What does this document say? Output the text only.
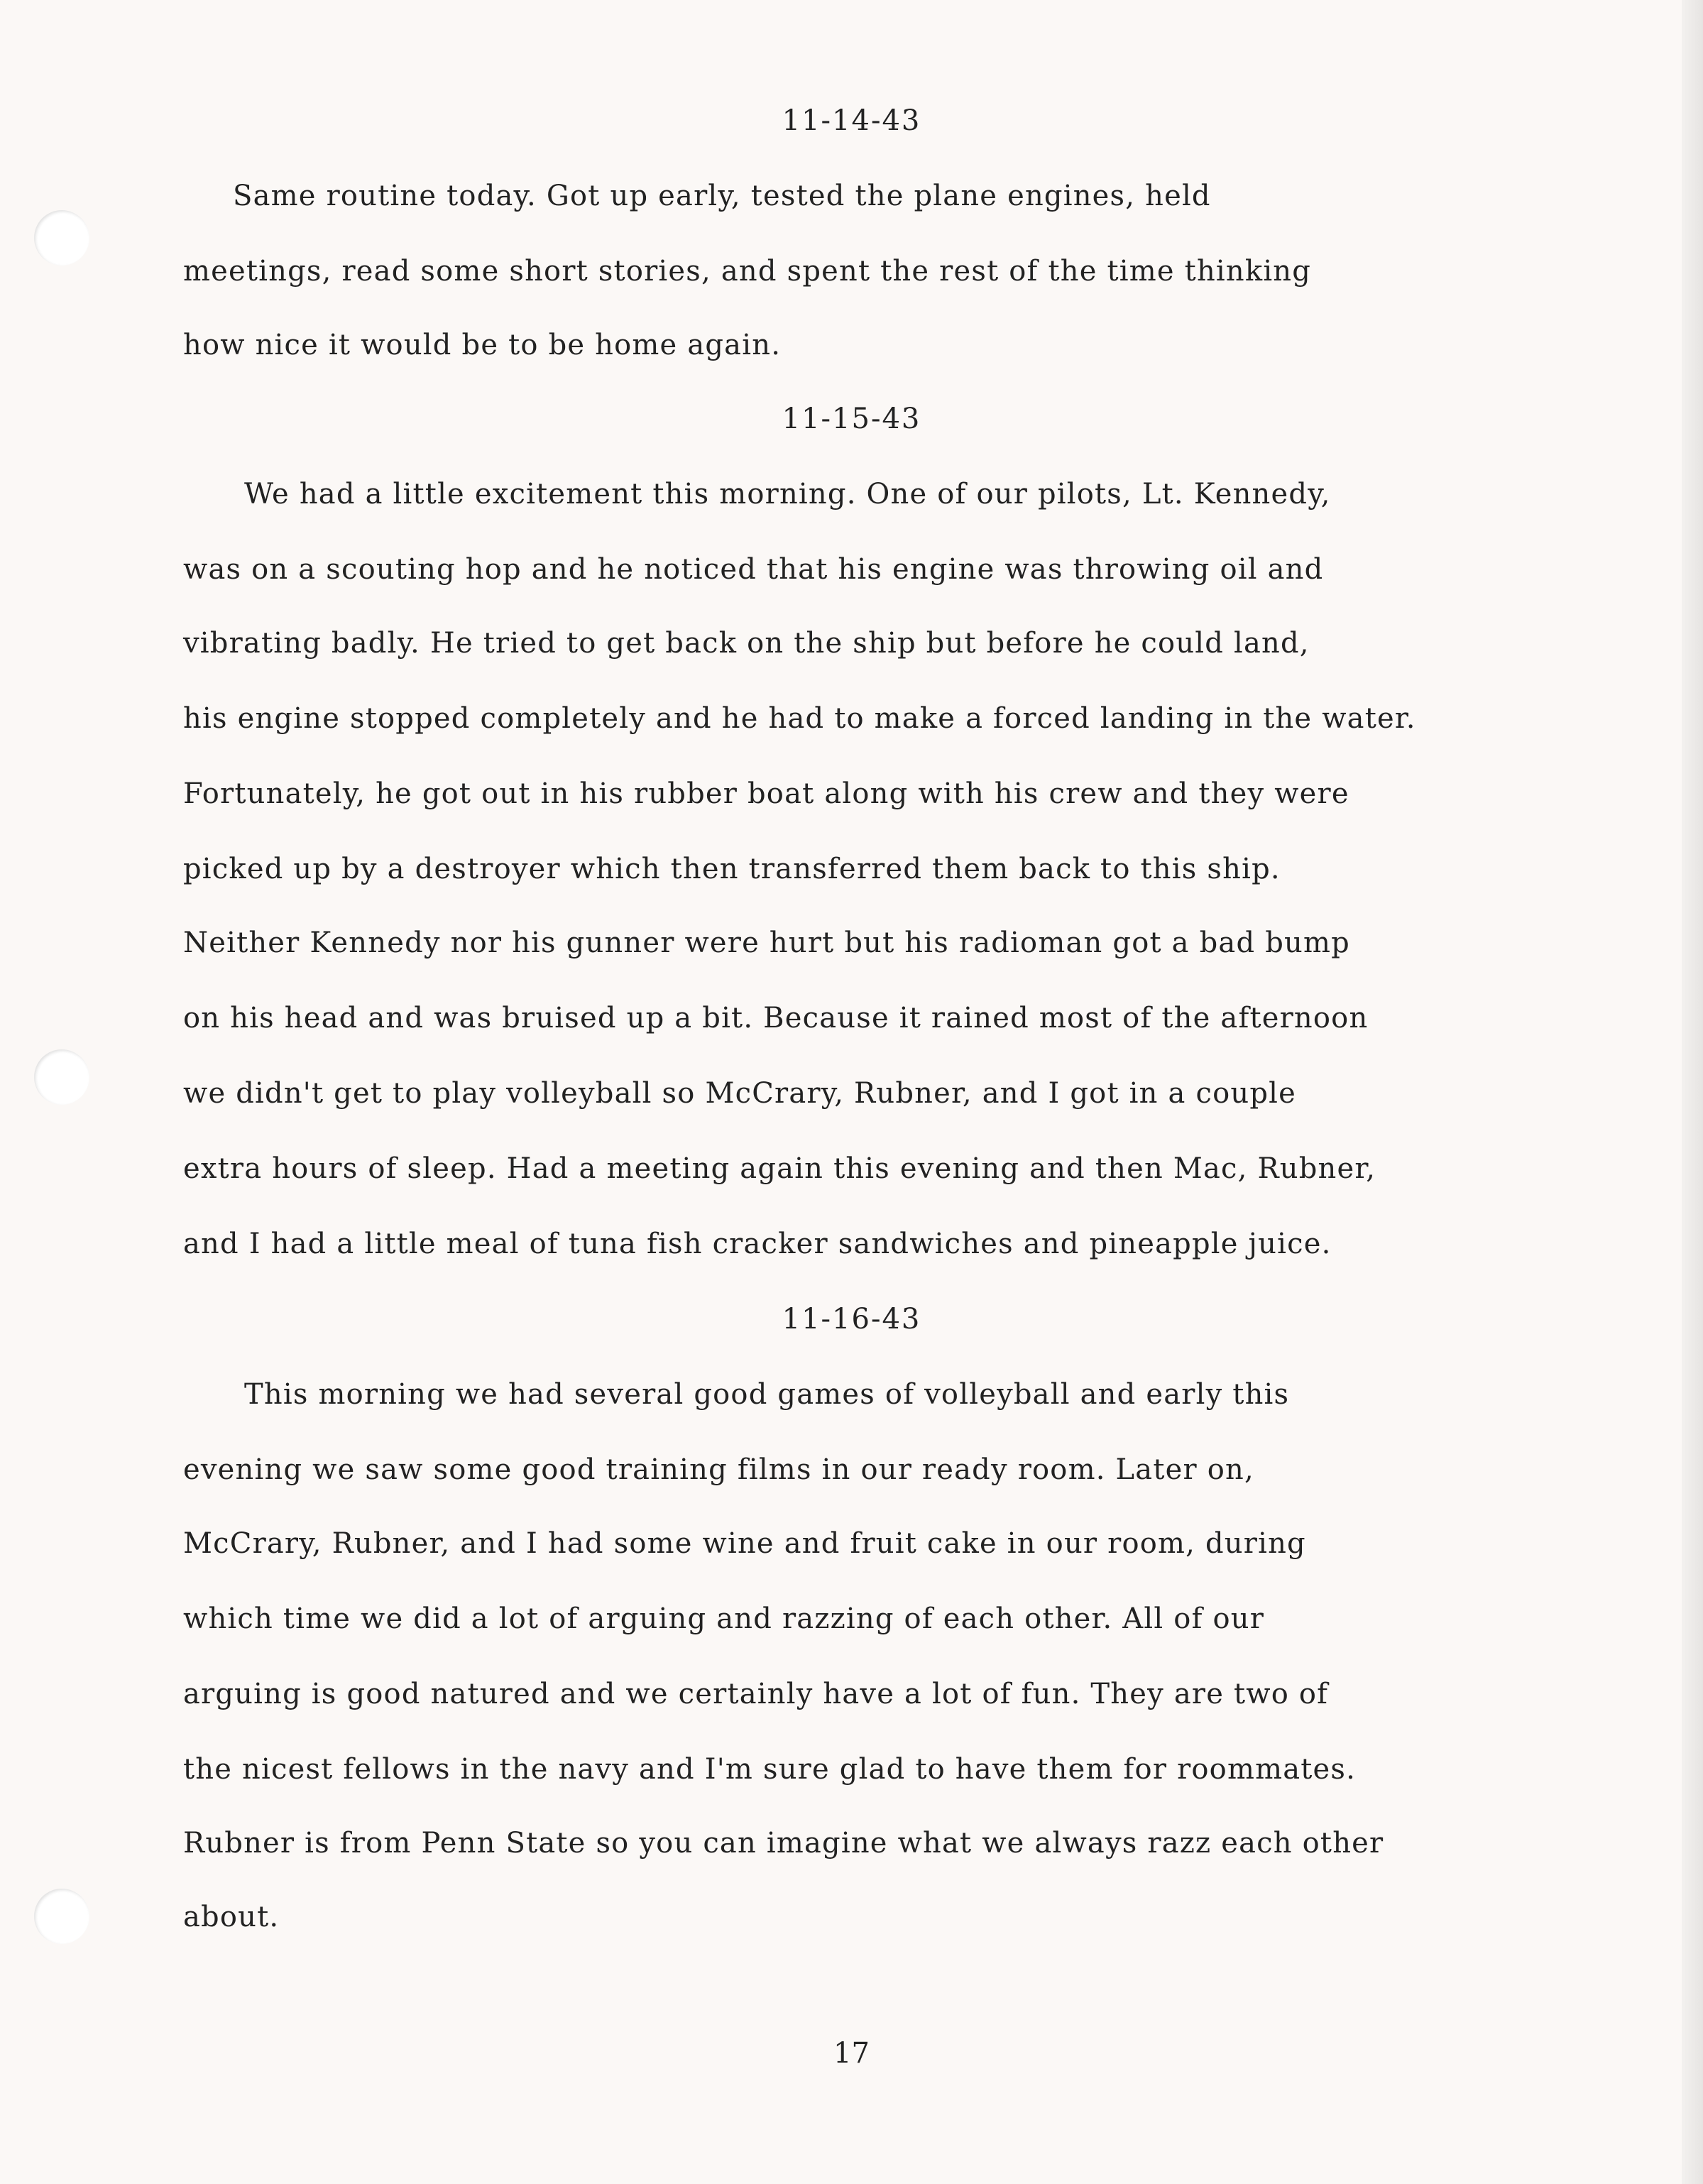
11-14-43
Same routine today. Got up early, tested the plane engines, held
meetings, read some short stories, and spent the rest of the time thinking
how nice it would be to be home again.
11-15-43
We had a little excitement this morning. One of our pilots, Lt. Kennedy,
was on a scouting hop and he noticed that his engine was throwing oil and
vibrating badly. He tried to get back on the ship but before he could land,
his engine stopped completely and he had to make a forced landing in the water.
Fortunately, he got out in his rubber boat along with his crew and they were
picked up by a destroyer which then transferred them back to this ship.
Neither Kennedy nor his gunner were hurt but his radioman got a bad bump
on his head and was bruised up a bit. Because it rained most of the afternoon
we didn't get to play volleyball so McCrary, Rubner, and I got in a couple
extra hours of sleep. Had a meeting again this evening and then Mac, Rubner,
and I had a little meal of tuna fish cracker sandwiches and pineapple juice.
11-16-43
This morning we had several good games of volleyball and early this
evening we saw some good training films in our ready room. Later on,
McCrary, Rubner, and I had some wine and fruit cake in our room, during
which time we did a lot of arguing and razzing of each other. All of our
arguing is good natured and we certainly have a lot of fun. They are two of
the nicest fellows in the navy and I'm sure glad to have them for roommates.
Rubner is from Penn State so you can imagine what we always razz each other
about.
17
